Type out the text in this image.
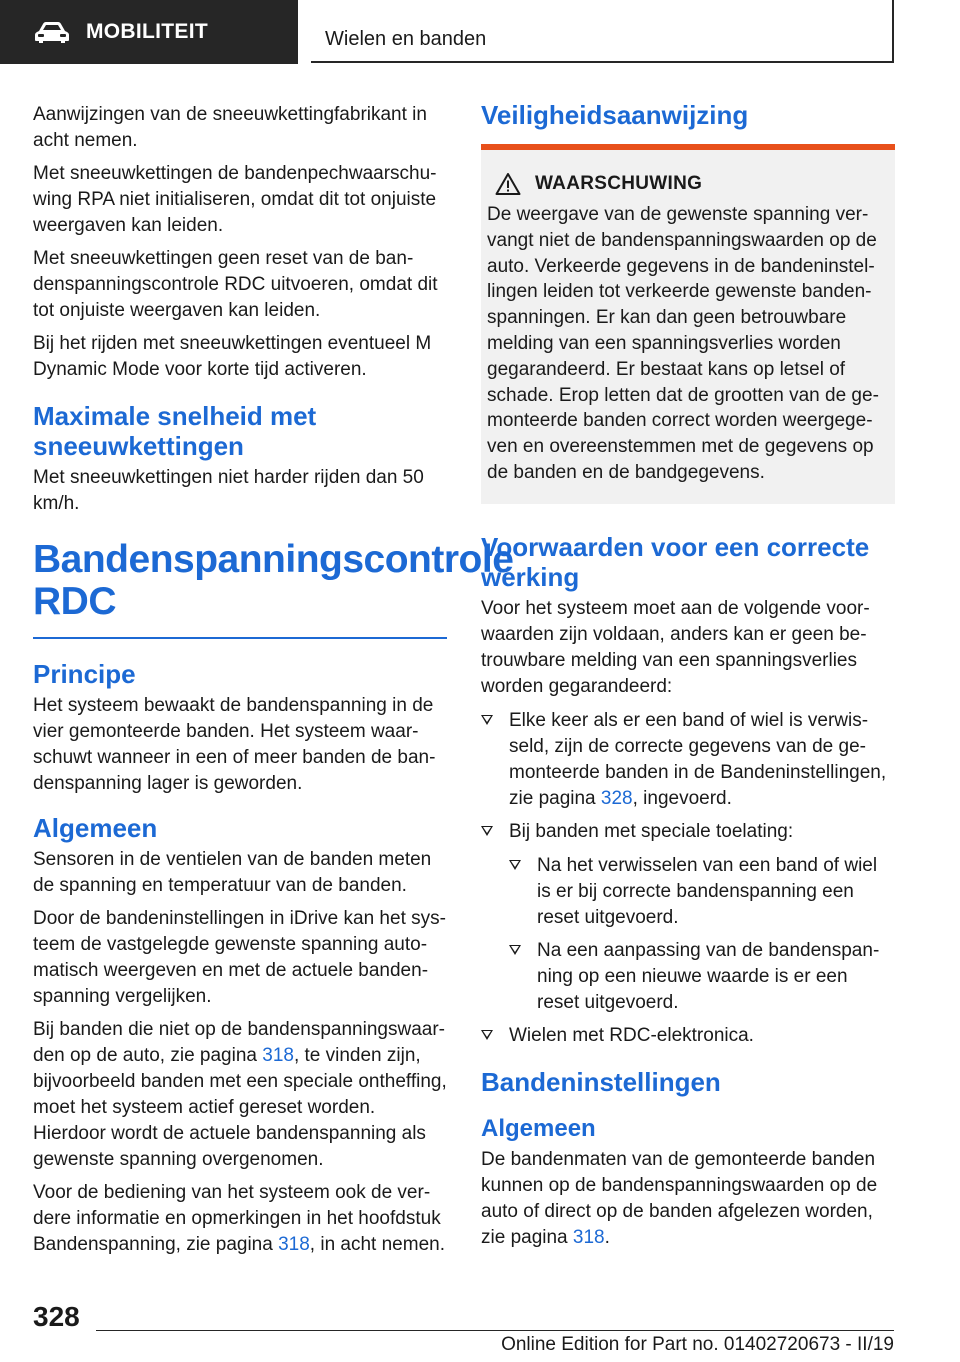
MOBILITEIT	Wielen en banden

Aanwijzingen van de sneeuwkettingfabrikant in acht nemen.

Met sneeuwkettingen de bandenpechwaarschuwing RPA niet initialiseren, omdat dit tot onjuiste weergaven kan leiden.

Met sneeuwkettingen geen reset van de bandenspanningscontrole RDC uitvoeren, omdat dit tot onjuiste weergaven kan leiden.

Bij het rijden met sneeuwkettingen eventueel M Dynamic Mode voor korte tijd activeren.

Maximale snelheid met sneeuwkettingen

Met sneeuwkettingen niet harder rijden dan 50 km/h.

Bandenspanningscontrole RDC
Principe

Het systeem bewaakt de bandenspanning in de vier gemonteerde banden. Het systeem waarschuwt wanneer in een of meer banden de bandenspanning lager is geworden.

Algemeen

Sensoren in de ventielen van de banden meten de spanning en temperatuur van de banden.

Door de bandeninstellingen in iDrive kan het systeem de vastgelegde gewenste spanning automatisch weergeven en met de actuele bandenspanning vergelijken.

Bij banden die niet op de bandenspanningswaarden op de auto, zie pagina 318, te vinden zijn, bijvoorbeeld banden met een speciale ontheffing, moet het systeem actief gereset worden. Hierdoor wordt de actuele bandenspanning als gewenste spanning overgenomen.

Voor de bediening van het systeem ook de verdere informatie en opmerkingen in het hoofdstuk Bandenspanning, zie pagina 318, in acht nemen.

Veiligheidsaanwijzing
WAARSCHUWING

De weergave van de gewenste spanning vervangt niet de bandenspanningswaarden op de auto. Verkeerde gegevens in de bandeninstellingen leiden tot verkeerde gewenste bandenspanningen. Er kan dan geen betrouwbare melding van een spanningsverlies worden gegarandeerd. Er bestaat kans op letsel of schade. Erop letten dat de grootten van de gemonteerde banden correct worden weergegeven en overeenstemmen met de gegevens op de banden en de bandgegevens.

Voorwaarden voor een correcte werking

Voor het systeem moet aan de volgende voorwaarden zijn voldaan, anders kan er geen betrouwbare melding van een spanningsverlies worden gegarandeerd:

Elke keer als er een band of wiel is verwisseld, zijn de correcte gegevens van de gemonteerde banden in de Bandeninstellingen, zie pagina 328, ingevoerd.
Bij banden met speciale toelating:
Na het verwisselen van een band of wiel is er bij correcte bandenspanning een reset uitgevoerd.
Na een aanpassing van de bandenspanning op een nieuwe waarde is er een reset uitgevoerd.
Wielen met RDC-elektronica.
Bandeninstellingen
Algemeen

De bandenmaten van de gemonteerde banden kunnen op de bandenspanningswaarden op de auto of direct op de banden afgelezen worden, zie pagina 318.

328
Online Edition for Part no. 01402720673 - II/19
